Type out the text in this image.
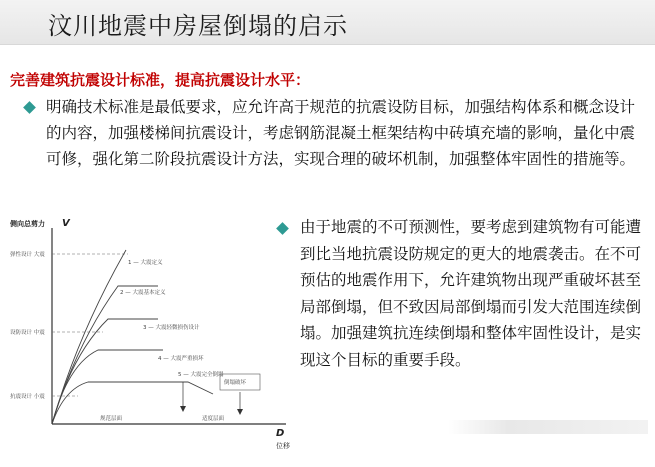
汶川地震中房屋倒塌的启示
完善建筑抗震设计标准，提高抗震设计水平：
明确技术标准是最低要求，应允许高于规范的抗震设防目标，加强结构体系和概念设计的内容，加强楼梯间抗震设计，考虑钢筋混凝土框架结构中砖填充墙的影响，量化中震可修，强化第二阶段抗震设计方法，实现合理的破坏机制，加强整体牢固性的措施等。
由于地震的不可预测性，要考虑到建筑物有可能遭到比当地抗震设防规定的更大的地震袭击。在不可预估的地震作用下，允许建筑物出现严重破坏甚至局部倒塌，但不致因局部倒塌而引发大范围连续倒塌。加强建筑抗连续倒塌和整体牢固性设计，是实现这个目标的重要手段。
侧向总剪力 V
D
位移
弹性设计 大震
设防设计 中震
抗震设计 小震
1 — 大震定义
2 — 大震基本定义
3 — 大震轻微损伤设计
4 — 大震严重损坏
5 — 大震完全倒塌
倒塌破坏
规范层面	适度层面
